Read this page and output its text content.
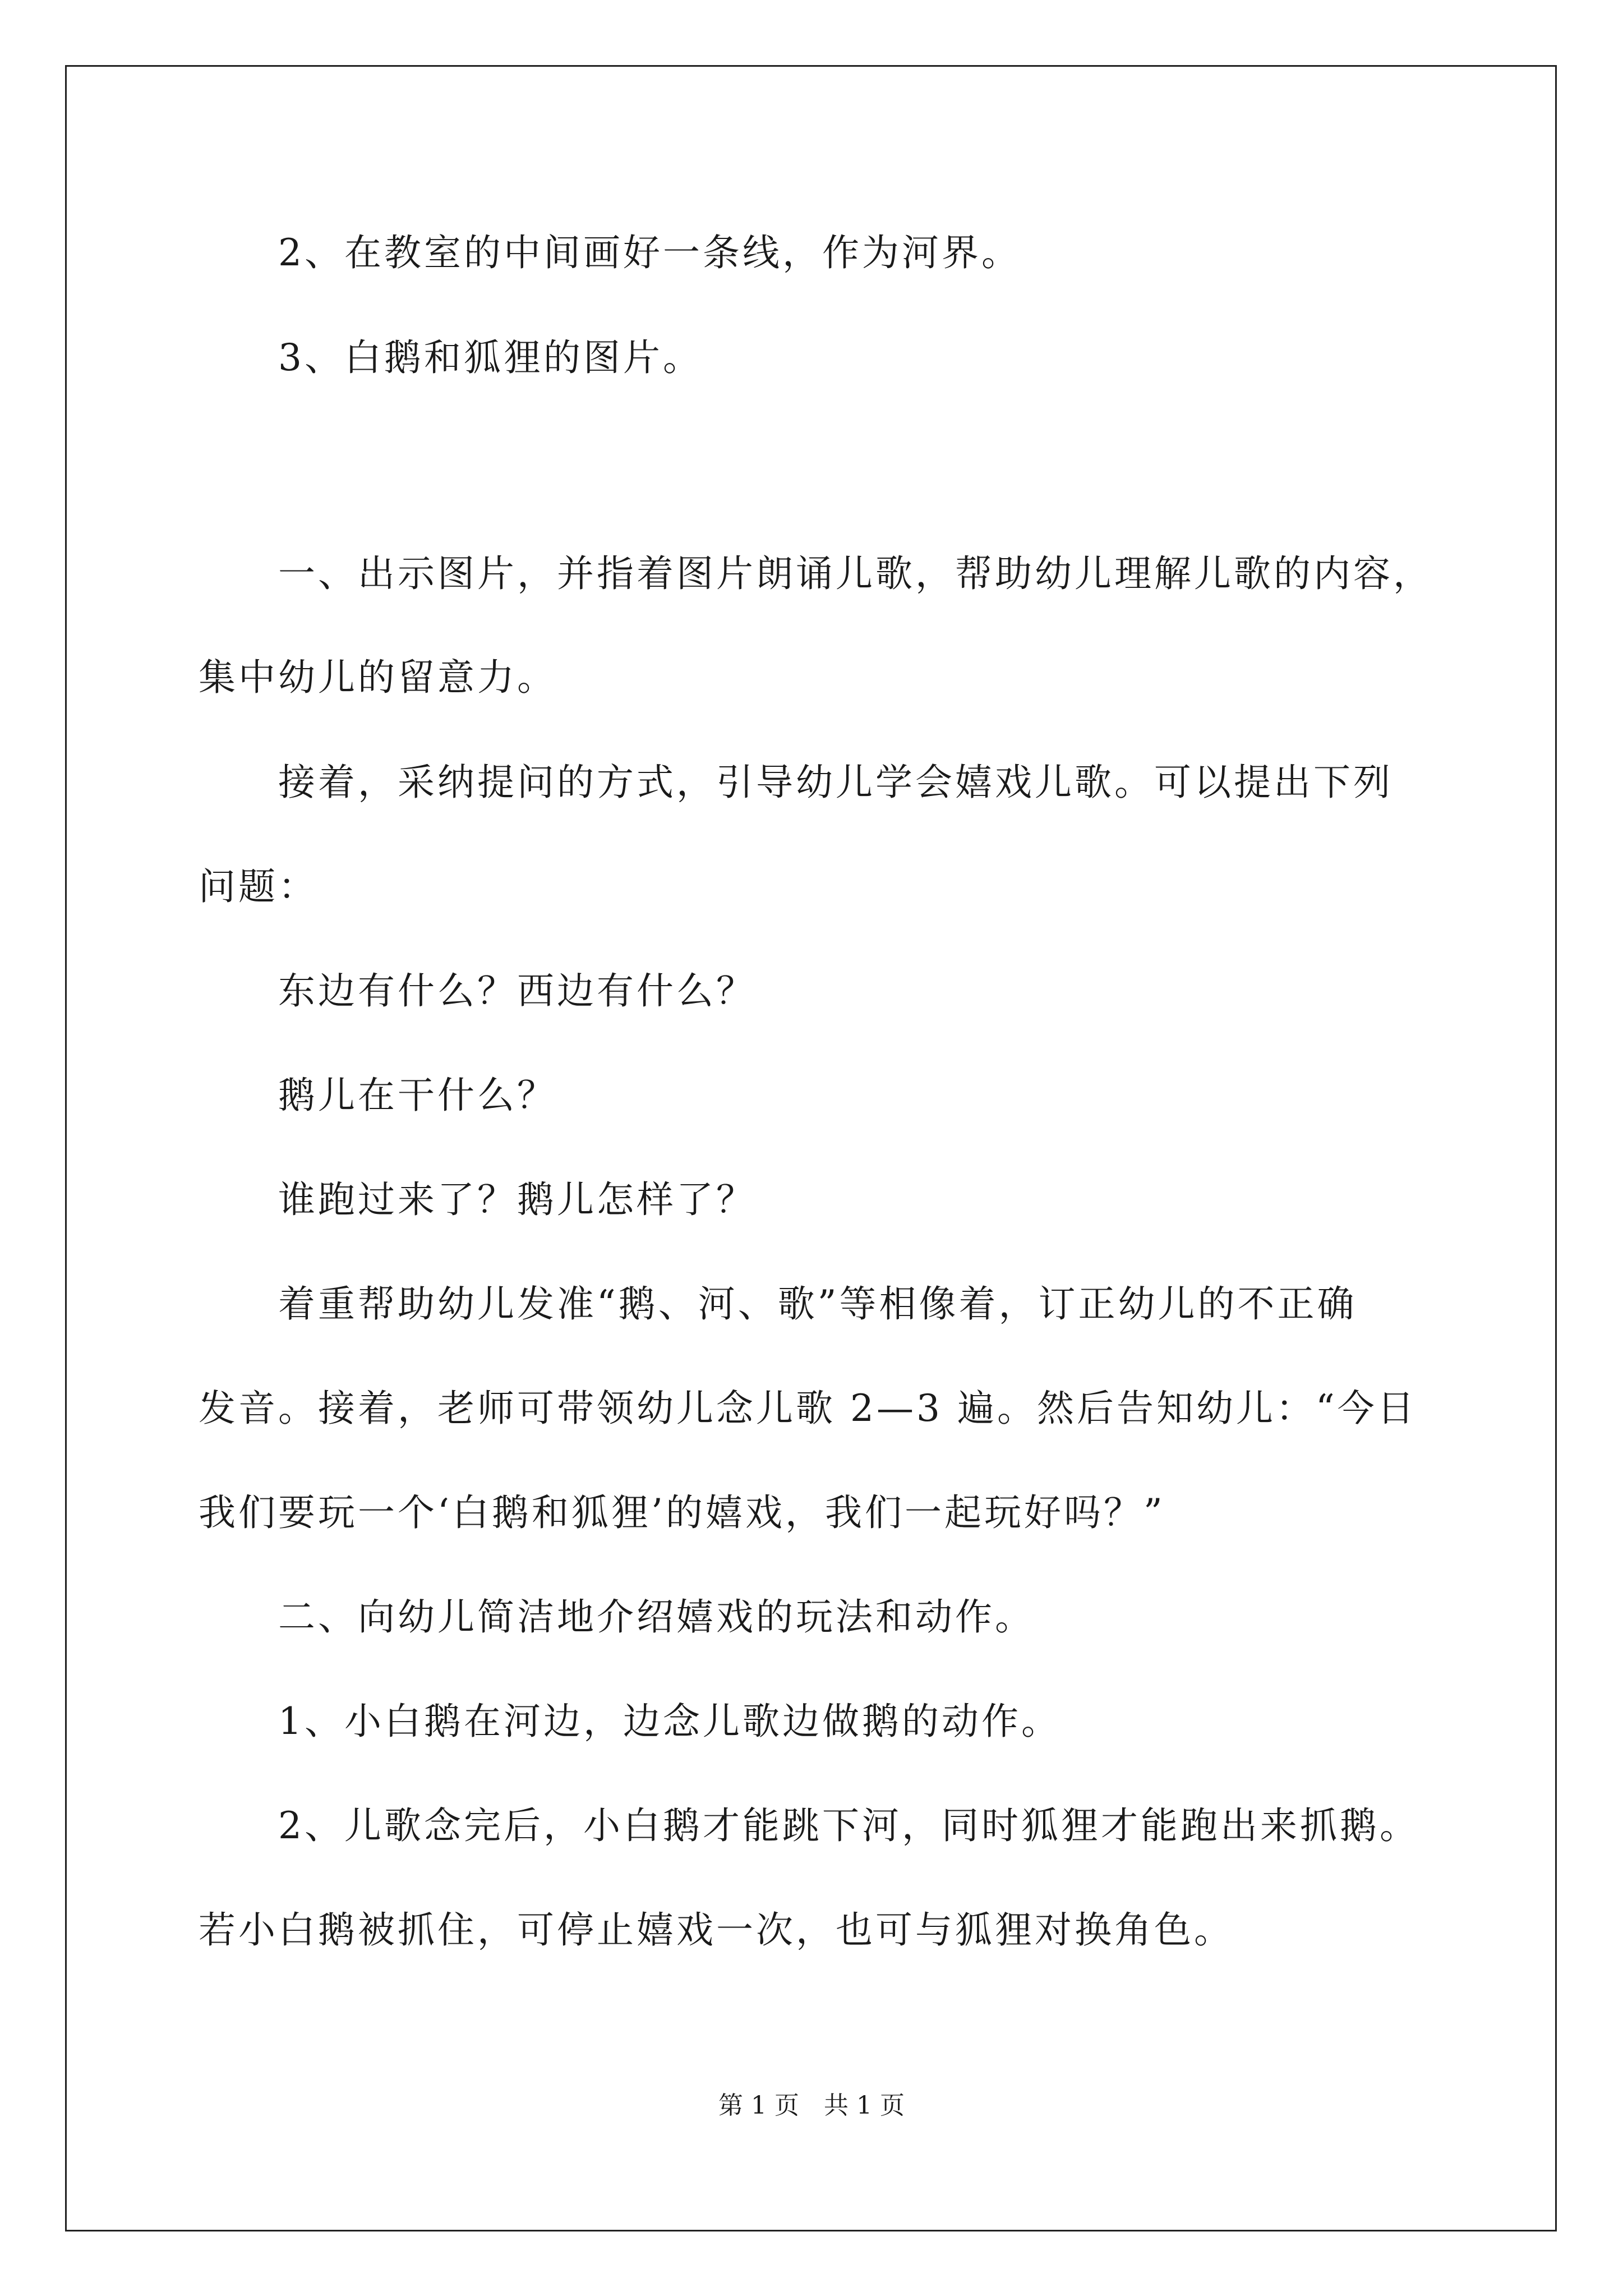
2、在教室的中间画好一条线，作为河界。

3、白鹅和狐狸的图片。

一、出示图片，并指着图片朗诵儿歌，帮助幼儿理解儿歌的内容，

集中幼儿的留意力。

接着，采纳提问的方式，引导幼儿学会嬉戏儿歌。可以提出下列

问题：

东边有什么？西边有什么？

鹅儿在干什么？

谁跑过来了？鹅儿怎样了？

着重帮助幼儿发准“鹅、河、歌”等相像着，订正幼儿的不正确

发音。接着，老师可带领幼儿念儿歌 2—3 遍。然后告知幼儿：“今日

我们要玩一个‘白鹅和狐狸’的嬉戏，我们一起玩好吗？”

二、向幼儿简洁地介绍嬉戏的玩法和动作。

1、小白鹅在河边，边念儿歌边做鹅的动作。

2、儿歌念完后，小白鹅才能跳下河，同时狐狸才能跑出来抓鹅。

若小白鹅被抓住，可停止嬉戏一次，也可与狐狸对换角色。

第 1 页　共 1 页
